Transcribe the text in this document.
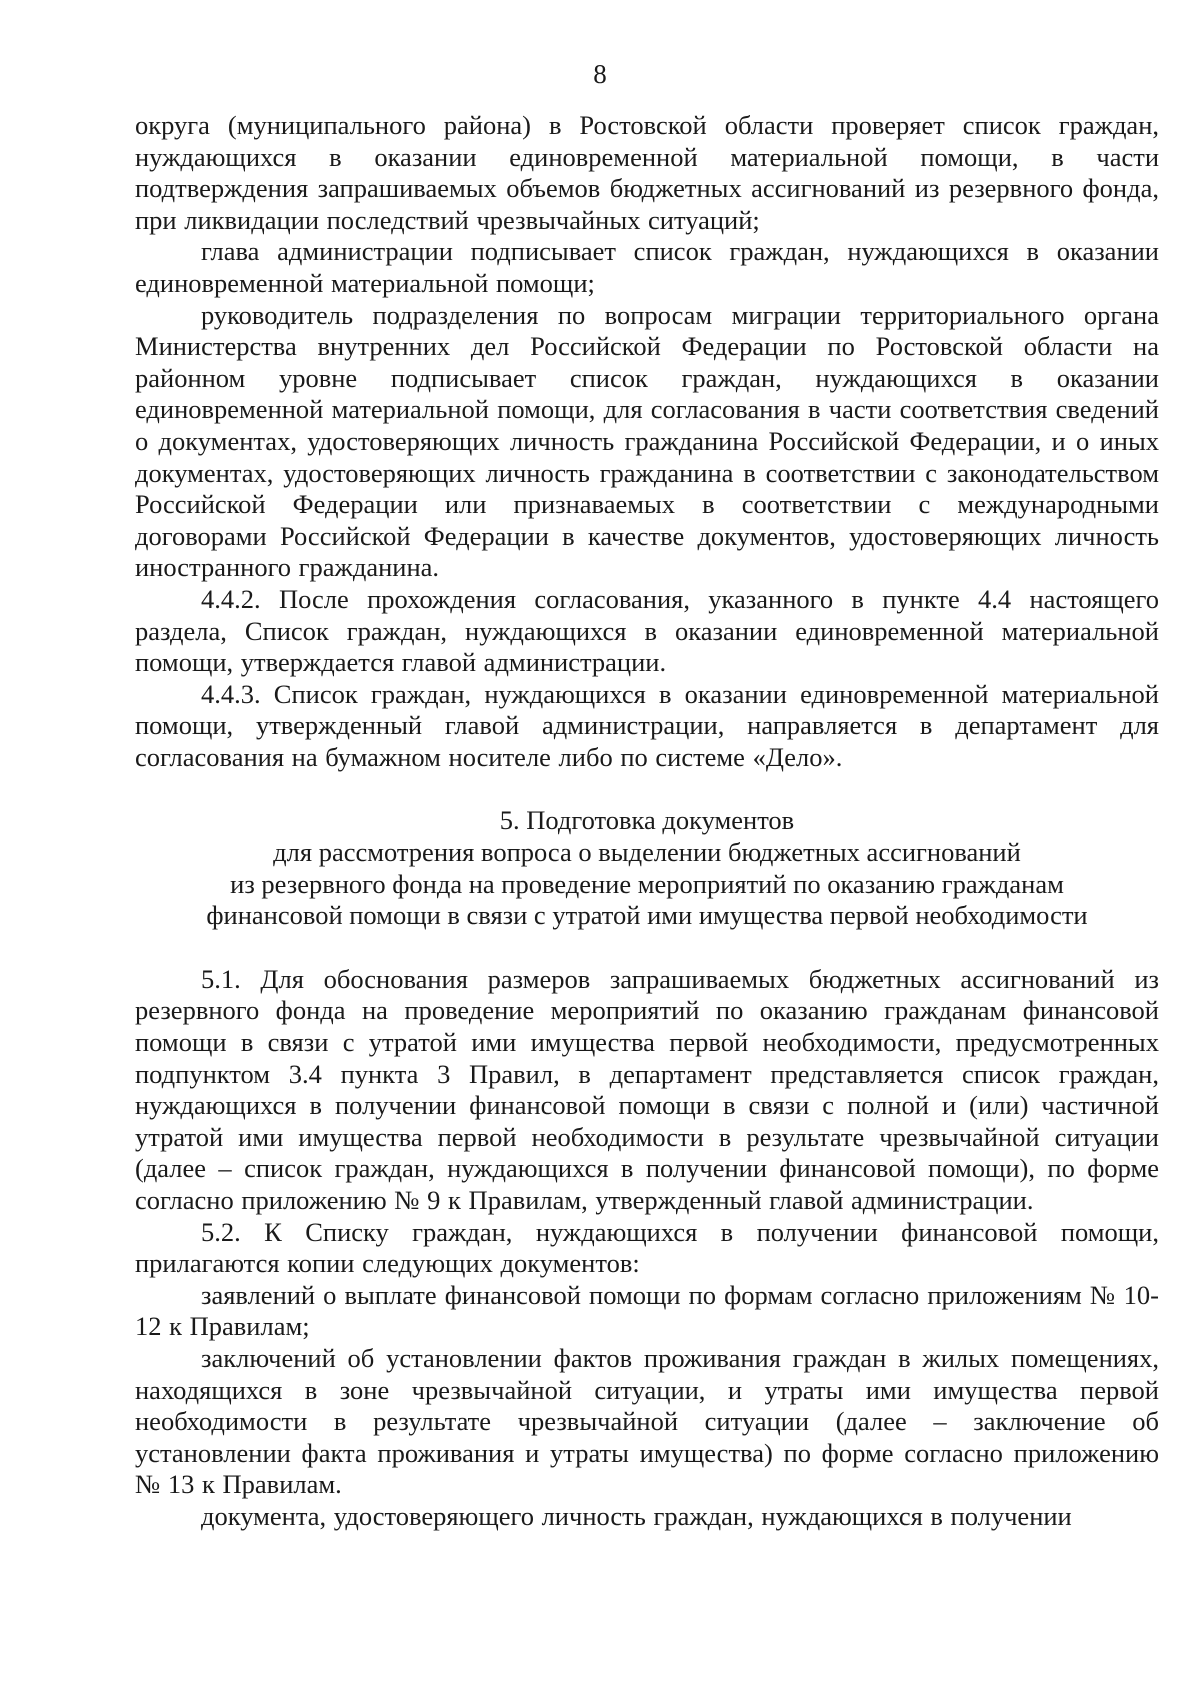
8

округа (муниципального района) в Ростовской области проверяет список граждан, нуждающихся в оказании единовременной материальной помощи, в части подтверждения запрашиваемых объемов бюджетных ассигнований из резервного фонда, при ликвидации последствий чрезвычайных ситуаций;

глава администрации подписывает список граждан, нуждающихся в оказании единовременной материальной помощи;

руководитель подразделения по вопросам миграции территориального органа Министерства внутренних дел Российской Федерации по Ростовской области на районном уровне подписывает список граждан, нуждающихся в оказании единовременной материальной помощи, для согласования в части соответствия сведений о документах, удостоверяющих личность гражданина Российской Федерации, и о иных документах, удостоверяющих личность гражданина в соответствии с законодательством Российской Федерации или признаваемых в соответствии с международными договорами Российской Федерации в качестве документов, удостоверяющих личность иностранного гражданина.

4.4.2. После прохождения согласования, указанного в пункте 4.4 настоящего раздела, Список граждан, нуждающихся в оказании единовременной материальной помощи, утверждается главой администрации.

4.4.3. Список граждан, нуждающихся в оказании единовременной материальной помощи, утвержденный главой администрации, направляется в департамент для согласования на бумажном носителе либо по системе «Дело».

5. Подготовка документов

для рассмотрения вопроса о выделении бюджетных ассигнований

из резервного фонда на проведение мероприятий по оказанию гражданам

финансовой помощи в связи с утратой ими имущества первой необходимости

5.1. Для обоснования размеров запрашиваемых бюджетных ассигнований из резервного фонда на проведение мероприятий по оказанию гражданам финансовой помощи в связи с утратой ими имущества первой необходимости, предусмотренных подпунктом 3.4 пункта 3 Правил, в департамент представляется список граждан, нуждающихся в получении финансовой помощи в связи с полной и (или) частичной утратой ими имущества первой необходимости в результате чрезвычайной ситуации (далее – список граждан, нуждающихся в получении финансовой помощи), по форме согласно приложению № 9 к Правилам, утвержденный главой администрации.

5.2. К Списку граждан, нуждающихся в получении финансовой помощи, прилагаются копии следующих документов:

заявлений о выплате финансовой помощи по формам согласно приложениям № 10- 12 к Правилам;

заключений об установлении фактов проживания граждан в жилых помещениях, находящихся в зоне чрезвычайной ситуации, и утраты ими имущества первой необходимости в результате чрезвычайной ситуации (далее – заключение об установлении факта проживания и утраты имущества) по форме согласно приложению № 13 к Правилам.

документа, удостоверяющего личность граждан, нуждающихся в получении
